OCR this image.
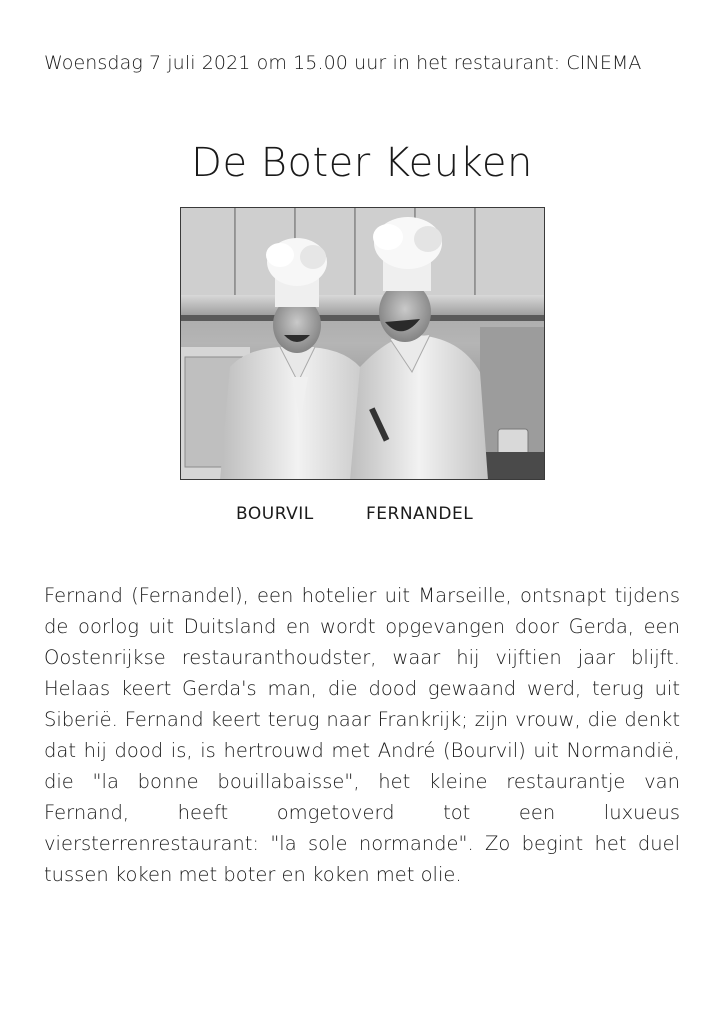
Woensdag 7 juli 2021 om 15.00 uur in het restaurant: CINEMA
De Boter Keuken
BOURVIL	FERNANDEL
Fernand (Fernandel), een hotelier uit Marseille, ontsnapt tijdens de oorlog uit Duitsland en wordt opgevangen door Gerda, een Oostenrijkse restauranthoudster, waar hij vijftien jaar blijft. Helaas keert Gerda's man, die dood gewaand werd, terug uit Siberië. Fernand keert terug naar Frankrijk; zijn vrouw, die denkt dat hij dood is, is hertrouwd met André (Bourvil) uit Normandië, die "la bonne bouillabaisse", het kleine restaurantje van Fernand, heeft omgetoverd tot een luxueus viersterrenrestaurant: "la sole normande". Zo begint het duel tussen koken met boter en koken met olie.
